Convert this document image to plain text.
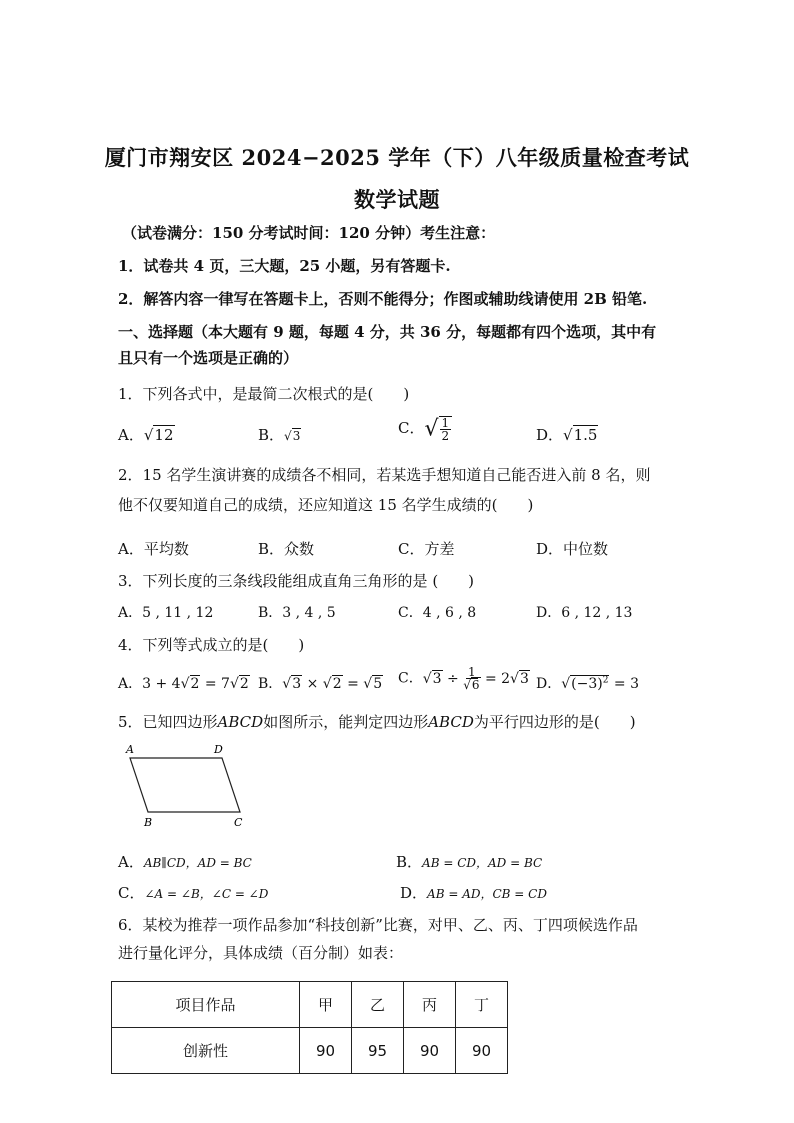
厦门市翔安区 2024−2025 学年（下）八年级质量检查考试
数学试题
（试卷满分：150 分考试时间：120 分钟）考生注意：
1．试卷共 4 页，三大题，25 小题，另有答题卡.
2．解答内容一律写在答题卡上，否则不能得分；作图或辅助线请使用 2B 铅笔.
一、选择题（本大题有 9 题，每题 4 分，共 36 分，每题都有四个选项，其中有
且只有一个选项是正确的）
1．下列各式中，是最简二次根式的是(　　)
A．√12	B．√3	C．√ $\frac{1}{2}$	D．√1.5
2．15 名学生演讲赛的成绩各不相同，若某选手想知道自己能否进入前 8 名，则
他不仅要知道自己的成绩，还应知道这 15 名学生成绩的(　　)
A．平均数	B．众数	C．方差	D．中位数
3．下列长度的三条线段能组成直角三角形的是 (　　)
A．5 , 11 , 12	B．3 , 4 , 5	C．4 , 6 , 8	D．6 , 12 , 13
4．下列等式成立的是(　　)
A．3 + 4√2 = 7√2 B．√3 × √2 = √5 C．$√3 \div \frac{1}{√6} = 2√3$ D．$√(-3)^2 = 3$
5．已知四边形ABCD如图所示，能判定四边形ABCD为平行四边形的是(　　)
A	D
B	C
A．AB∥CD，AD = BC	B．AB = CD，AD = BC
C．∠A = ∠B，∠C = ∠D	D．AB = AD，CB = CD
6．某校为推荐一项作品参加“科技创新”比赛，对甲、乙、丙、丁四项候选作品
进行量化评分，具体成绩（百分制）如表：
项目作品	甲	乙	丙	丁
创新性	90	95	90	90
